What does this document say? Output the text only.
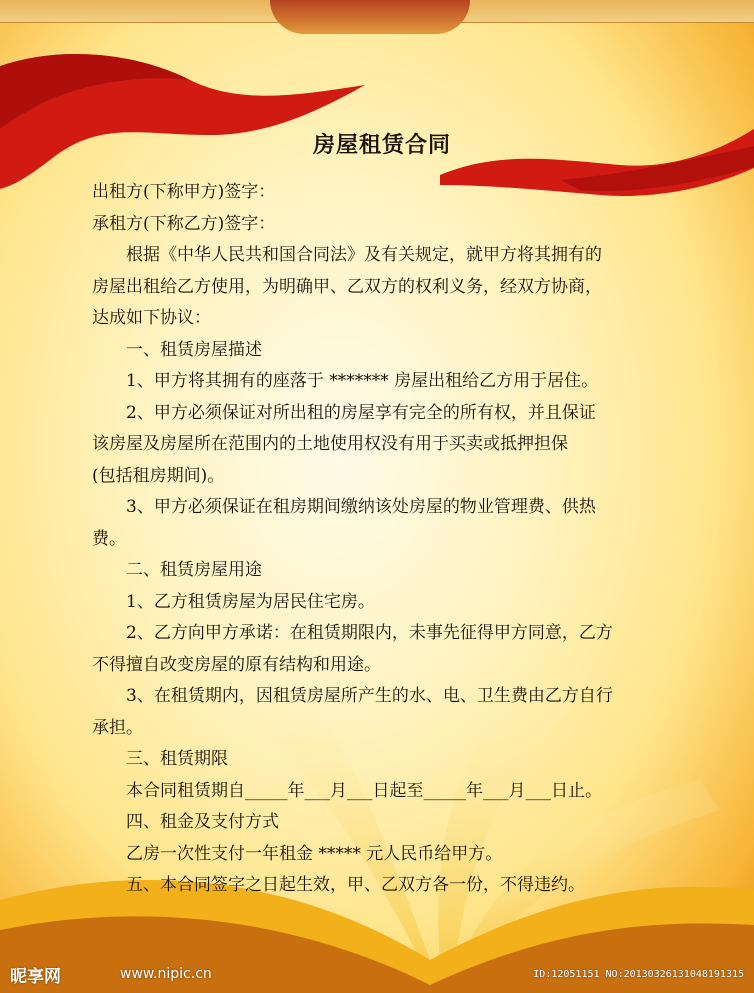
房屋租赁合同

出租方(下称甲方)签字：

承租方(下称乙方)签字：

根据《中华人民共和国合同法》及有关规定，就甲方将其拥有的

房屋出租给乙方使用，为明确甲、乙双方的权利义务，经双方协商，

达成如下协议：

一、租赁房屋描述

1、甲方将其拥有的座落于 ******* 房屋出租给乙方用于居住。

2、甲方必须保证对所出租的房屋享有完全的所有权，并且保证

该房屋及房屋所在范围内的土地使用权没有用于买卖或抵押担保

(包括租房期间)。

3、甲方必须保证在租房期间缴纳该处房屋的物业管理费、供热

费。

二、租赁房屋用途

1、乙方租赁房屋为居民住宅房。

2、乙方向甲方承诺：在租赁期限内，未事先征得甲方同意，乙方

不得擅自改变房屋的原有结构和用途。

3、在租赁期内，因租赁房屋所产生的水、电、卫生费由乙方自行

承担。

三、租赁期限

本合同租赁期自_____年___月___日起至_____年___月___日止。

四、租金及支付方式

乙房一次性支付一年租金 ***** 元人民币给甲方。

五、本合同签字之日起生效，甲、乙双方各一份，不得违约。

昵享网	www.nipic.cn	ID:12051151 NO:20130326131048191315
